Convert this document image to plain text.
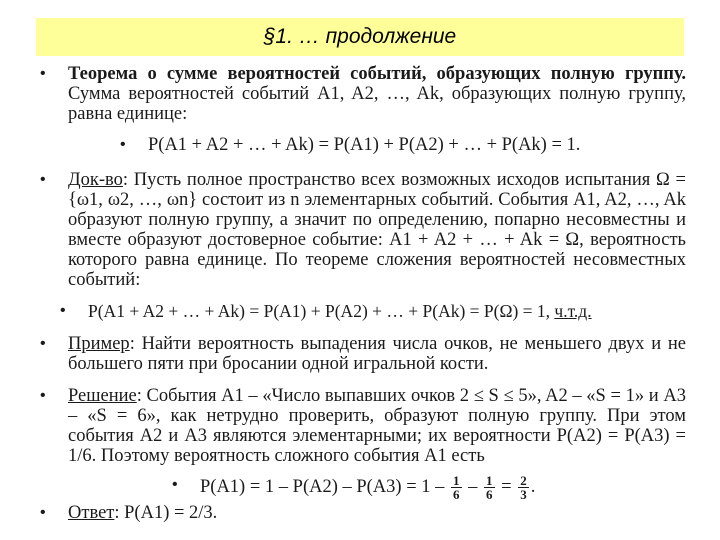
§1. … продолжение
• Теорема о сумме вероятностей событий, образующих полную группу. Сумма вероятностей событий A1, A2, …, Ak, образующих полную группу, равна единице:
• P(A1 + A2 + … + Ak) = P(A1) + P(A2) + … + P(Ak) = 1.
• Док-во: Пусть полное пространство всех возможных исходов испытания Ω = {ω1, ω2, …, ωn} состоит из n элементарных событий. События A1, A2, …, Ak образуют полную группу, а значит по определению, попарно несовместны и вместе образуют достоверное событие: A1 + A2 + … + Ak = Ω, вероятность которого равна единице. По теореме сложения вероятностей несовместных событий:
• P(A1 + A2 + … + Ak) = P(A1) + P(A2) + … + P(Ak) = P(Ω) = 1, ч.т.д.
• Пример: Найти вероятность выпадения числа очков, не меньшего двух и не большего пяти при бросании одной игральной кости.
• Решение: События A1 – «Число выпавших очков 2 ≤ S ≤ 5», A2 – «S = 1» и A3 – «S = 6», как нетрудно проверить, образуют полную группу. При этом события A2 и A3 являются элементарными; их вероятности P(A2) = P(A3) = 1/6. Поэтому вероятность сложного события A1 есть
• $P(A1) = 1 - P(A2) - P(A3) = 1 - \frac{1}{6} - \frac{1}{6} = \frac{2}{3}$ .
• Ответ: P(A1) = 2/3.
